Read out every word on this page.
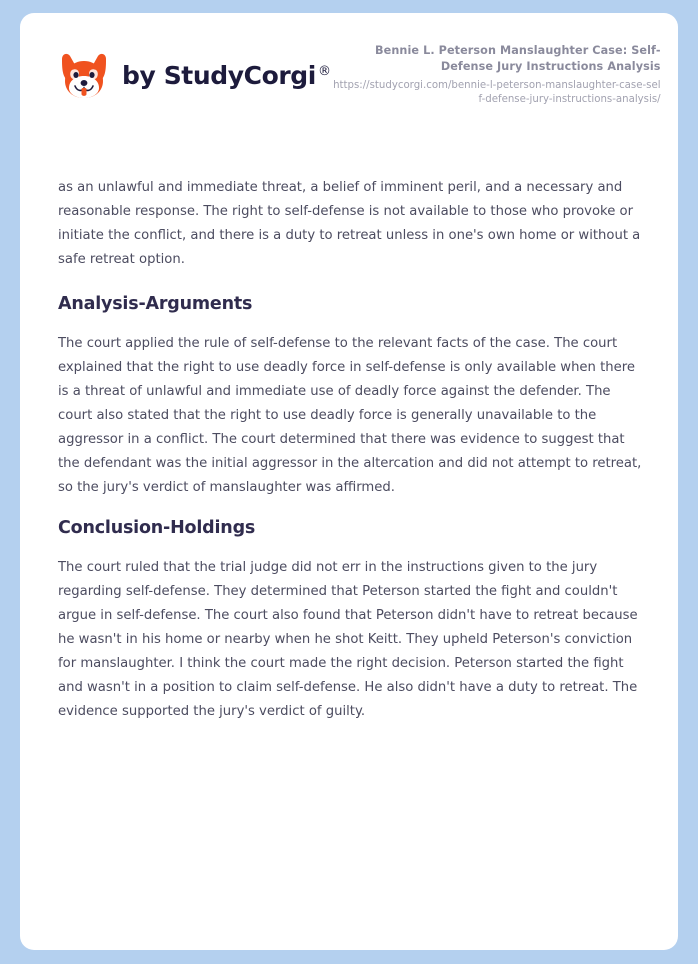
by StudyCorgi ®
Bennie L. Peterson Manslaughter Case: Self-Defense Jury Instructions Analysis
https://studycorgi.com/bennie-l-peterson-manslaughter-case-self-defense-jury-instructions-analysis/

as an unlawful and immediate threat, a belief of imminent peril, and a necessary and reasonable response. The right to self-defense is not available to those who provoke or initiate the conflict, and there is a duty to retreat unless in one's own home or without a safe retreat option.

Analysis-Arguments

The court applied the rule of self-defense to the relevant facts of the case. The court explained that the right to use deadly force in self-defense is only available when there is a threat of unlawful and immediate use of deadly force against the defender. The court also stated that the right to use deadly force is generally unavailable to the aggressor in a conflict. The court determined that there was evidence to suggest that the defendant was the initial aggressor in the altercation and did not attempt to retreat, so the jury's verdict of manslaughter was affirmed.

Conclusion-Holdings

The court ruled that the trial judge did not err in the instructions given to the jury regarding self-defense. They determined that Peterson started the fight and couldn't argue in self-defense. The court also found that Peterson didn't have to retreat because he wasn't in his home or nearby when he shot Keitt. They upheld Peterson's conviction for manslaughter. I think the court made the right decision. Peterson started the fight and wasn't in a position to claim self-defense. He also didn't have a duty to retreat. The evidence supported the jury's verdict of guilty.
